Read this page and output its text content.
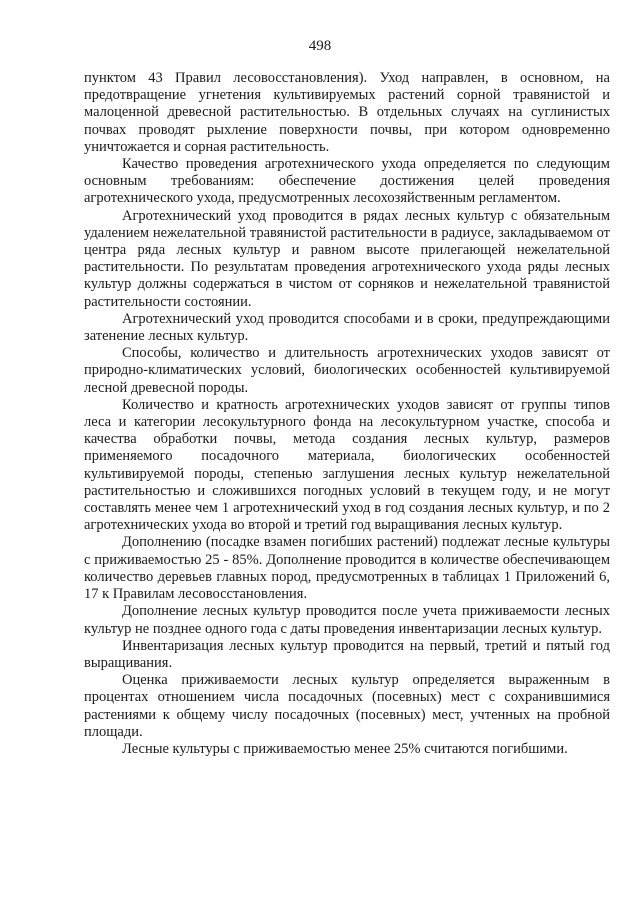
498

пунктом 43 Правил лесовосстановления). Уход направлен, в основном, на предотвращение угнетения культивируемых растений сорной травянистой и малоценной древесной растительностью. В отдельных случаях на суглинистых почвах проводят рыхление поверхности почвы, при котором одновременно уничтожается и сорная растительность.

Качество проведения агротехнического ухода определяется по следующим основным требованиям: обеспечение достижения целей проведения агротехнического ухода, предусмотренных лесохозяйственным регламентом.

Агротехнический уход проводится в рядах лесных культур с обязательным удалением нежелательной травянистой растительности в радиусе, закладываемом от центра ряда лесных культур и равном высоте прилегающей нежелательной растительности. По результатам проведения агротехнического ухода ряды лесных культур должны содержаться в чистом от сорняков и нежелательной травянистой растительности состоянии.

Агротехнический уход проводится способами и в сроки, предупреждающими затенение лесных культур.

Способы, количество и длительность агротехнических уходов зависят от природно-климатических условий, биологических особенностей культивируемой лесной древесной породы.

Количество и кратность агротехнических уходов зависят от группы типов леса и категории лесокультурного фонда на лесокультурном участке, способа и качества обработки почвы, метода создания лесных культур, размеров применяемого посадочного материала, биологических особенностей культивируемой породы, степенью заглушения лесных культур нежелательной растительностью и сложившихся погодных условий в текущем году, и не могут составлять менее чем 1 агротехнический уход в год создания лесных культур, и по 2 агротехнических ухода во второй и третий год выращивания лесных культур.

Дополнению (посадке взамен погибших растений) подлежат лесные культуры с приживаемостью 25 - 85%. Дополнение проводится в количестве обеспечивающем количество деревьев главных пород, предусмотренных в таблицах 1 Приложений 6, 17 к Правилам лесовосстановления.

Дополнение лесных культур проводится после учета приживаемости лесных культур не позднее одного года с даты проведения инвентаризации лесных культур.

Инвентаризация лесных культур проводится на первый, третий и пятый год выращивания.

Оценка приживаемости лесных культур определяется выраженным в процентах отношением числа посадочных (посевных) мест с сохранившимися растениями к общему числу посадочных (посевных) мест, учтенных на пробной площади.

Лесные культуры с приживаемостью менее 25% считаются погибшими.
